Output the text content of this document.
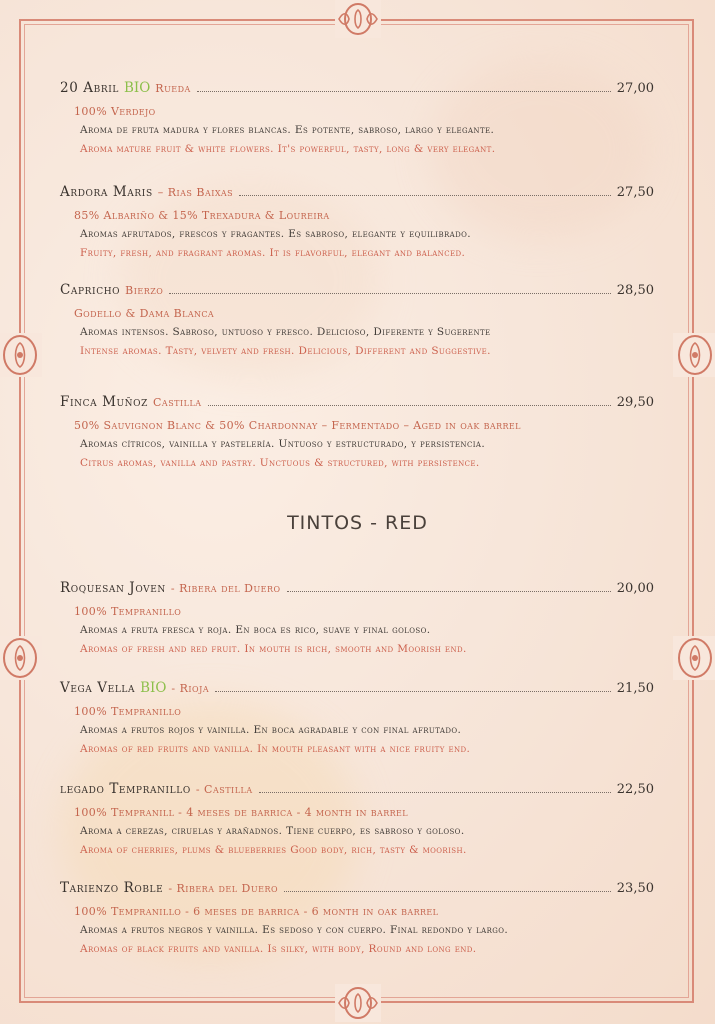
20 Abril BIO Rueda	27,00
100% Verdejo
Aroma de fruta madura y flores blancas. Es potente, sabroso, largo y elegante.
Aroma mature fruit & white flowers. It's powerful, tasty, long & very elegant.
Ardora Maris – Rias Baixas	27,50
85% Albariño & 15% Trexadura & Loureira
Aromas afrutados, frescos y fragantes. Es sabroso, elegante y equilibrado.
Fruity, fresh, and fragrant aromas. It is flavorful, elegant and balanced.
Capricho Bierzo	28,50
Godello & Dama Blanca
Aromas intensos. Sabroso, untuoso y fresco. Delicioso, Diferente y Sugerente
Intense aromas. Tasty, velvety and fresh. Delicious, Different and Suggestive.
Finca Muñoz Castilla	29,50
50% Sauvignon Blanc & 50% Chardonnay – Fermentado – Aged in oak barrel
Aromas cítricos, vainilla y pastelería. Untuoso y estructurado, y persistencia.
Citrus aromas, vanilla and pastry. Unctuous & structured, with persistence.
TINTOS - RED
Roquesan Joven - Ribera del Duero	20,00
100% Tempranillo
Aromas a fruta fresca y roja. En boca es rico, suave y final goloso.
Aromas of fresh and red fruit. In mouth is rich, smooth and Moorish end.
Vega Vella BIO - Rioja	21,50
100% Tempranillo
Aromas a frutos rojos y vainilla. En boca agradable y con final afrutado.
Aromas of red fruits and vanilla. In mouth pleasant with a nice fruity end.
legado Tempranillo - Castilla	22,50
100% Tempranill - 4 meses de barrica - 4 month in barrel
Aroma a cerezas, ciruelas y arañadnos. Tiene cuerpo, es sabroso y goloso.
Aroma of cherries, plums & blueberries Good body, rich, tasty & moorish.
Tarienzo Roble - Ribera del Duero	23,50
100% Tempranillo - 6 meses de barrica - 6 month in oak barrel
Aromas a frutos negros y vainilla. Es sedoso y con cuerpo. Final redondo y largo.
Aromas of black fruits and vanilla. Is silky, with body, Round and long end.
